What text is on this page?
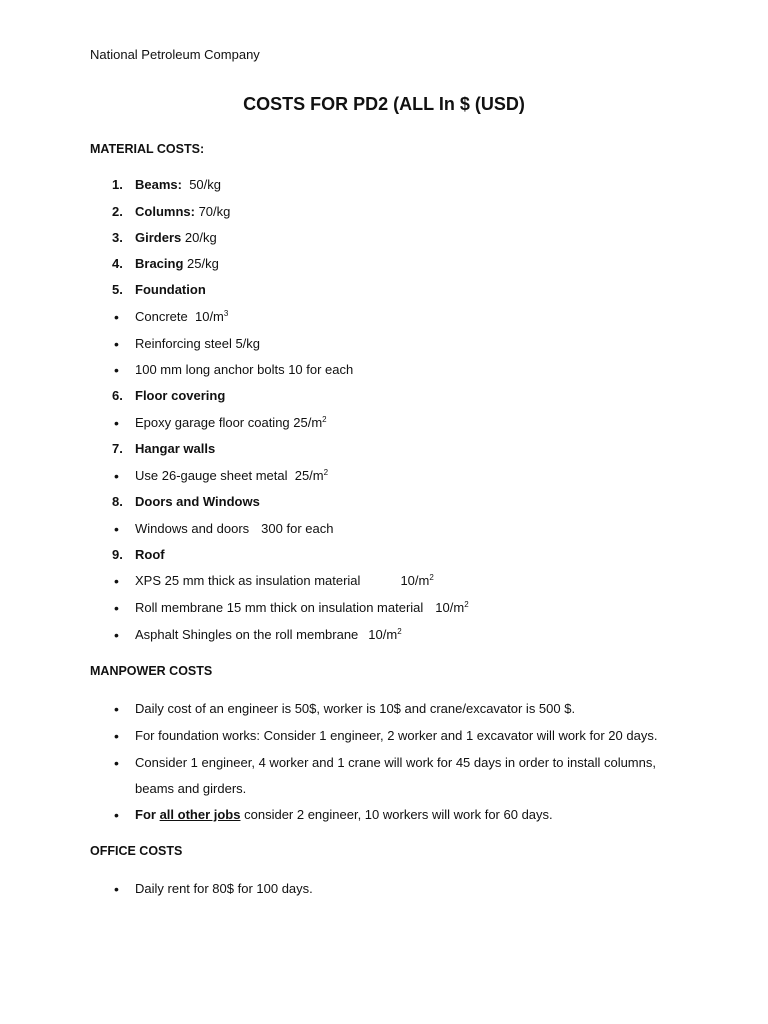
National Petroleum Company
COSTS FOR PD2 (ALL In $ (USD)
MATERIAL COSTS:
1. Beams: 50/kg
2. Columns: 70/kg
3. Girders 20/kg
4. Bracing 25/kg
5. Foundation
• Concrete $10/m^3$
• Reinforcing steel 5/kg
• 100 mm long anchor bolts 10 for each
6. Floor covering
• Epoxy garage floor coating $25/m^2$
7. Hangar walls
• Use 26-gauge sheet metal $25/m^2$
8. Doors and Windows
• Windows and doors 300 for each
9. Roof
• XPS 25 mm thick as insulation material	$10/m^2$
• Roll membrane 15 mm thick on insulation material $10/m^2$
• Asphalt Shingles on the roll membrane $10/m^2$
MANPOWER COSTS
• Daily cost of an engineer is 50$, worker is 10$ and crane/excavator is 500 $.
• For foundation works: Consider 1 engineer, 2 worker and 1 excavator will work for 20 days.
• Consider 1 engineer, 4 worker and 1 crane will work for 45 days in order to install columns,
beams and girders.
• For all other jobs consider 2 engineer, 10 workers will work for 60 days.
OFFICE COSTS
• Daily rent for 80$ for 100 days.
